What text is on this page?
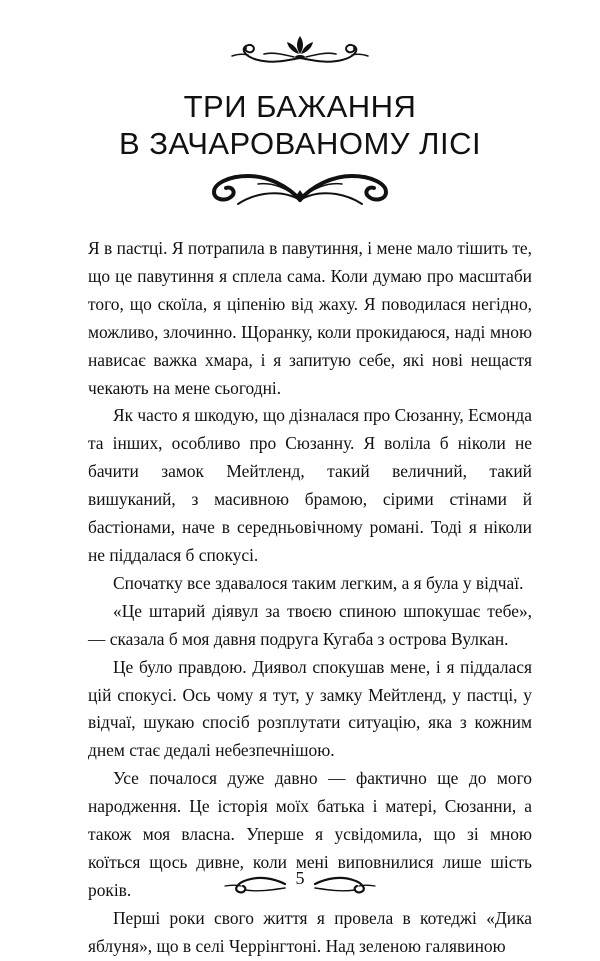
ТРИ БАЖАННЯ
В ЗАЧАРОВАНОМУ ЛІСІ

Я в пастці. Я потрапила в павутиння, і мене мало тішить те, що це павутиння я сплела сама. Коли думаю про масштаби того, що скоїла, я ціпенію від жаху. Я поводилася негідно, можливо, злочинно. Щоранку, коли прокидаюся, наді мною нависає важка хмара, і я запитую себе, які нові нещастя чекають на мене сьогодні.

Як часто я шкодую, що дізналася про Сюзанну, Есмонда та інших, особливо про Сюзанну. Я воліла б ніколи не бачити замок Мейтленд, такий величний, такий вишуканий, з масивною брамою, сірими стінами й бастіонами, наче в середньовічному романі. Тоді я ніколи не піддалася б спокусі.

Спочатку все здавалося таким легким, а я була у відчаї.

«Це штарий діявул за твоєю спиною шпокушає тебе», — сказала б моя давня подруга Кугаба з острова Вулкан.

Це було правдою. Диявол спокушав мене, і я піддалася цій спокусі. Ось чому я тут, у замку Мейтленд, у пастці, у відчаї, шукаю спосіб розплутати ситуацію, яка з кожним днем стає дедалі небезпечнішою.

Усе почалося дуже давно — фактично ще до мого народження. Це історія моїх батька і матері, Сюзанни, а також моя власна. Уперше я усвідомила, що зі мною коїться щось дивне, коли мені виповнилися лише шість років.

Перші роки свого життя я провела в котеджі «Дика яблуня», що в селі Черрінгтоні. Над зеленою галявиною

5
